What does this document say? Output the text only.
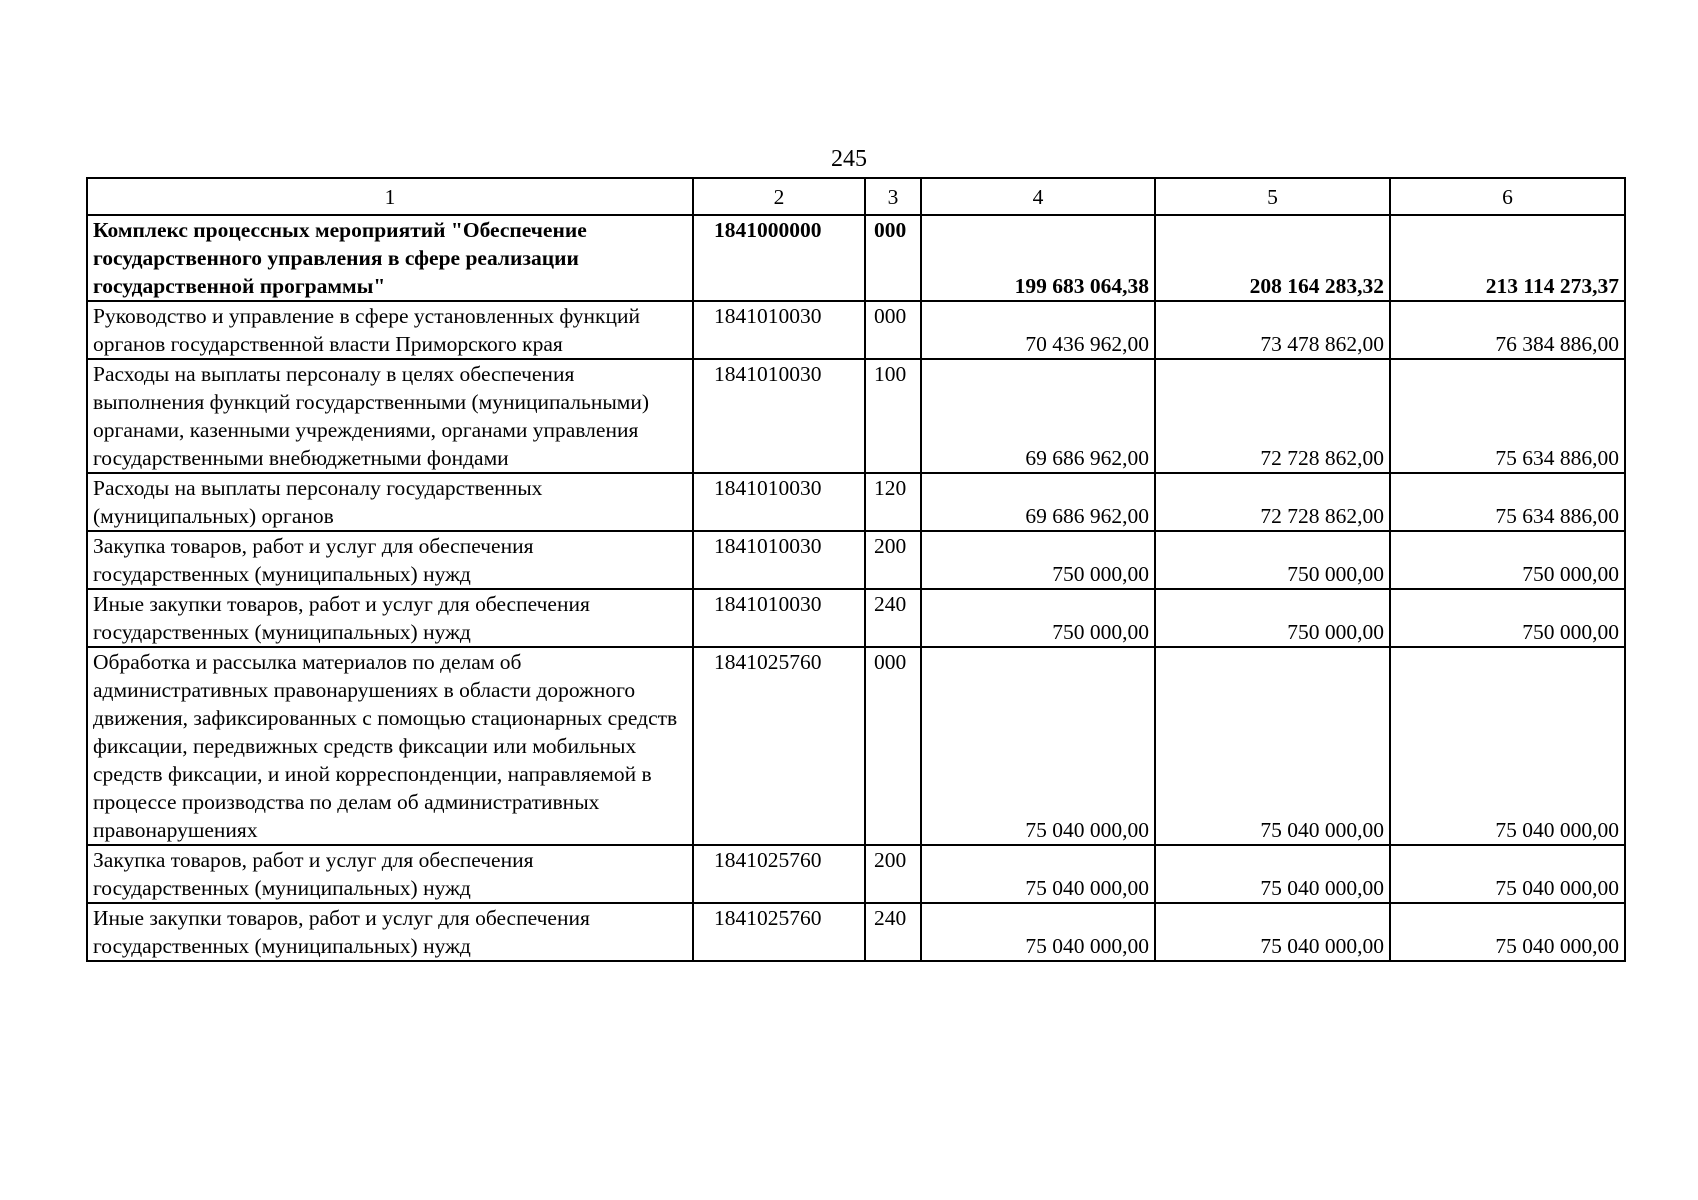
245
1	2	3	4	5	6
Комплекс процессных мероприятий "Обеспечение государственного управления в сфере реализации государственной программы"	1841000000	000	199 683 064,38	208 164 283,32	213 114 273,37
Руководство и управление в сфере установленных функций органов государственной власти Приморского края	1841010030	000	70 436 962,00	73 478 862,00	76 384 886,00
Расходы на выплаты персоналу в целях обеспечения выполнения функций государственными (муниципальными) органами, казенными учреждениями, органами управления государственными внебюджетными фондами	1841010030	100	69 686 962,00	72 728 862,00	75 634 886,00
Расходы на выплаты персоналу государственных (муниципальных) органов	1841010030	120	69 686 962,00	72 728 862,00	75 634 886,00
Закупка товаров, работ и услуг для обеспечения государственных (муниципальных) нужд	1841010030	200	750 000,00	750 000,00	750 000,00
Иные закупки товаров, работ и услуг для обеспечения государственных (муниципальных) нужд	1841010030	240	750 000,00	750 000,00	750 000,00
Обработка и рассылка материалов по делам об административных правонарушениях в области дорожного движения, зафиксированных с помощью стационарных средств фиксации, передвижных средств фиксации или мобильных средств фиксации, и иной корреспонденции, направляемой в процессе производства по делам об административных правонарушениях	1841025760	000	75 040 000,00	75 040 000,00	75 040 000,00
Закупка товаров, работ и услуг для обеспечения государственных (муниципальных) нужд	1841025760	200	75 040 000,00	75 040 000,00	75 040 000,00
Иные закупки товаров, работ и услуг для обеспечения государственных (муниципальных) нужд	1841025760	240	75 040 000,00	75 040 000,00	75 040 000,00
